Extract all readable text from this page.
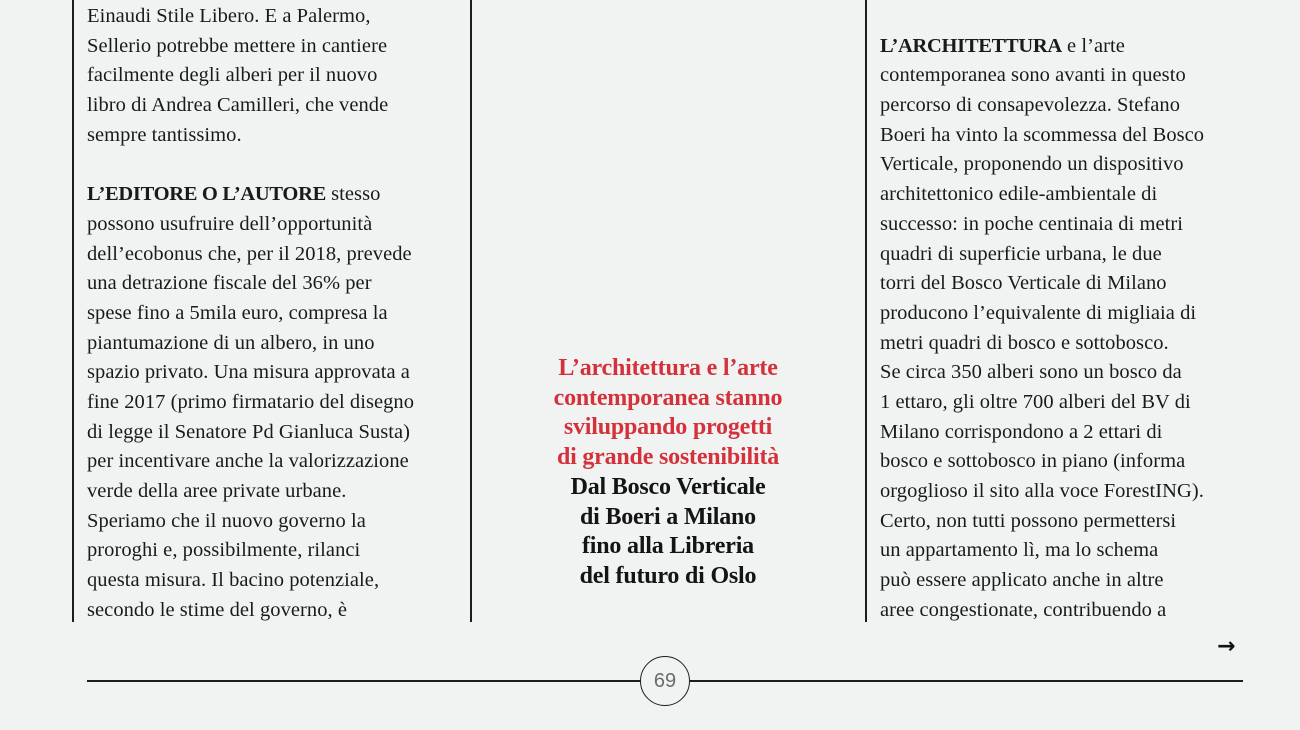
Einaudi Stile Libero. E a Palermo,
Sellerio potrebbe mettere in cantiere
facilmente degli alberi per il nuovo
libro di Andrea Camilleri, che vende
sempre tantissimo.
L’EDITORE O L’AUTORE stesso
possono usufruire dell’opportunità
dell’ecobonus che, per il 2018, prevede
una detrazione fiscale del 36% per
spese fino a 5mila euro, compresa la
piantumazione di un albero, in uno
spazio privato. Una misura approvata a
fine 2017 (primo firmatario del disegno
di legge il Senatore Pd Gianluca Susta)
per incentivare anche la valorizzazione
verde della aree private urbane.
Speriamo che il nuovo governo la
proroghi e, possibilmente, rilanci
questa misura. Il bacino potenziale,
secondo le stime del governo, è
L’architettura e l’arte
contemporanea stanno
sviluppando progetti
di grande sostenibilità
Dal Bosco Verticale
di Boeri a Milano
fino alla Libreria
del futuro di Oslo
L’ARCHITETTURA e l’arte
contemporanea sono avanti in questo
percorso di consapevolezza. Stefano
Boeri ha vinto la scommessa del Bosco
Verticale, proponendo un dispositivo
architettonico edile-ambientale di
successo: in poche centinaia di metri
quadri di superficie urbana, le due
torri del Bosco Verticale di Milano
producono l’equivalente di migliaia di
metri quadri di bosco e sottobosco.
Se circa 350 alberi sono un bosco da
1 ettaro, gli oltre 700 alberi del BV di
Milano corrispondono a 2 ettari di
bosco e sottobosco in piano (informa
orgoglioso il sito alla voce ForestING).
Certo, non tutti possono permettersi
un appartamento lì, ma lo schema
può essere applicato anche in altre
aree congestionate, contribuendo a
→
69
